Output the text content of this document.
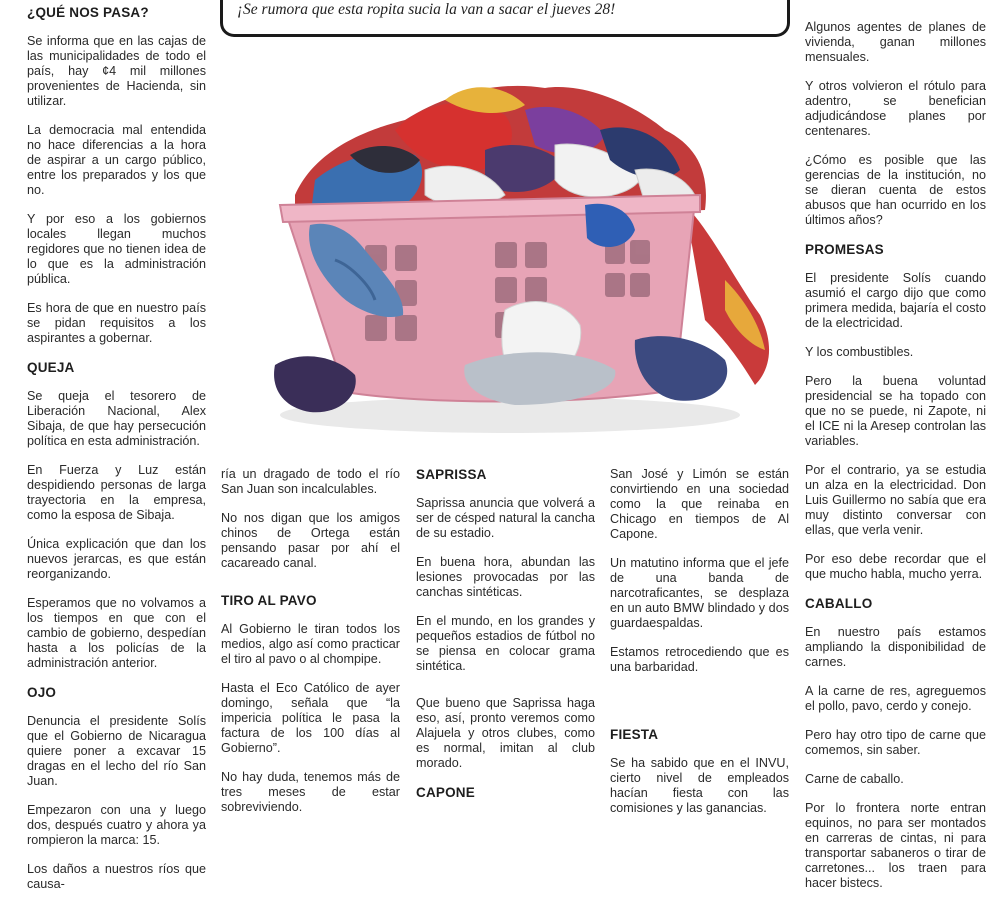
¡Se rumora que esta ropita sucia la van a sacar el jueves 28!
¿QUÉ NOS PASA?

Se informa que en las cajas de las municipalidades de todo el país, hay ¢4 mil millones provenientes de Hacienda, sin utilizar.

La democracia mal entendida no hace diferencias a la hora de aspirar a un cargo público, entre los preparados y los que no.

Y por eso a los gobiernos locales llegan muchos regidores que no tienen idea de lo que es la administración pública.

Es hora de que en nuestro país se pidan requisitos a los aspirantes a gobernar.

QUEJA

Se queja el tesorero de Liberación Nacional, Alex Sibaja, de que hay persecución política en esta administración.

En Fuerza y Luz están despidiendo personas de larga trayectoria en la empresa, como la esposa de Sibaja.

Única explicación que dan los nuevos jerarcas, es que están reorganizando.

Esperamos que no volvamos a los tiempos en que con el cambio de gobierno, despedían hasta a los policías de la administración anterior.

OJO

Denuncia el presidente Solís que el Gobierno de Nicaragua quiere poner a excavar 15 dragas en el lecho del río San Juan.

Empezaron con una y luego dos, después cuatro y ahora ya rompieron la marca: 15.

Los daños a nuestros ríos que causa-

ría un dragado de todo el río San Juan son incalculables.

No nos digan que los amigos chinos de Ortega están pensando pasar por ahí el cacareado canal.

TIRO AL PAVO

Al Gobierno le tiran todos los medios, algo así como practicar el tiro al pavo o al chompipe.

Hasta el Eco Católico de ayer domingo, señala que “la impericia política le pasa la factura de los 100 días al Gobierno”.

No hay duda, tenemos más de tres meses de estar sobreviviendo.

SAPRISSA

Saprissa anuncia que volverá a ser de césped natural la cancha de su estadio.

En buena hora, abundan las lesiones provocadas por las canchas sintéticas.

En el mundo, en los grandes y pequeños estadios de fútbol no se piensa en colocar grama sintética.

Que bueno que Saprissa haga eso, así, pronto veremos como Alajuela y otros clubes, como es normal, imitan al club morado.

CAPONE

San José y Limón se están convirtiendo en una sociedad como la que reinaba en Chicago en tiempos de Al Capone.

Un matutino informa que el jefe de una banda de narcotraficantes, se desplaza en un auto BMW blindado y dos guardaespaldas.

Estamos retrocediendo que es una barbaridad.

FIESTA

Se ha sabido que en el INVU, cierto nivel de empleados hacían fiesta con las comisiones y las ganancias.

Algunos agentes de planes de vivienda, ganan millones mensuales.

Y otros volvieron el rótulo para adentro, se benefician adjudicándose planes por centenares.

¿Cómo es posible que las gerencias de la institución, no se dieran cuenta de estos abusos que han ocurrido en los últimos años?

PROMESAS

El presidente Solís cuando asumió el cargo dijo que como primera medida, bajaría el costo de la electricidad.

Y los combustibles.

Pero la buena voluntad presidencial se ha topado con que no se puede, ni Zapote, ni el ICE ni la Aresep controlan las variables.

Por el contrario, ya se estudia un alza en la electricidad. Don Luis Guillermo no sabía que era muy distinto conversar con ellas, que verla venir.

Por eso debe recordar que el que mucho habla, mucho yerra.

CABALLO

En nuestro país estamos ampliando la disponibilidad de carnes.

A la carne de res, agreguemos el pollo, pavo, cerdo y conejo.

Pero hay otro tipo de carne que comemos, sin saber.

Carne de caballo.

Por lo frontera norte entran equinos, no para ser montados en carreras de cintas, ni para transportar sabaneros o tirar de carretones... los traen para hacer bistecs.
